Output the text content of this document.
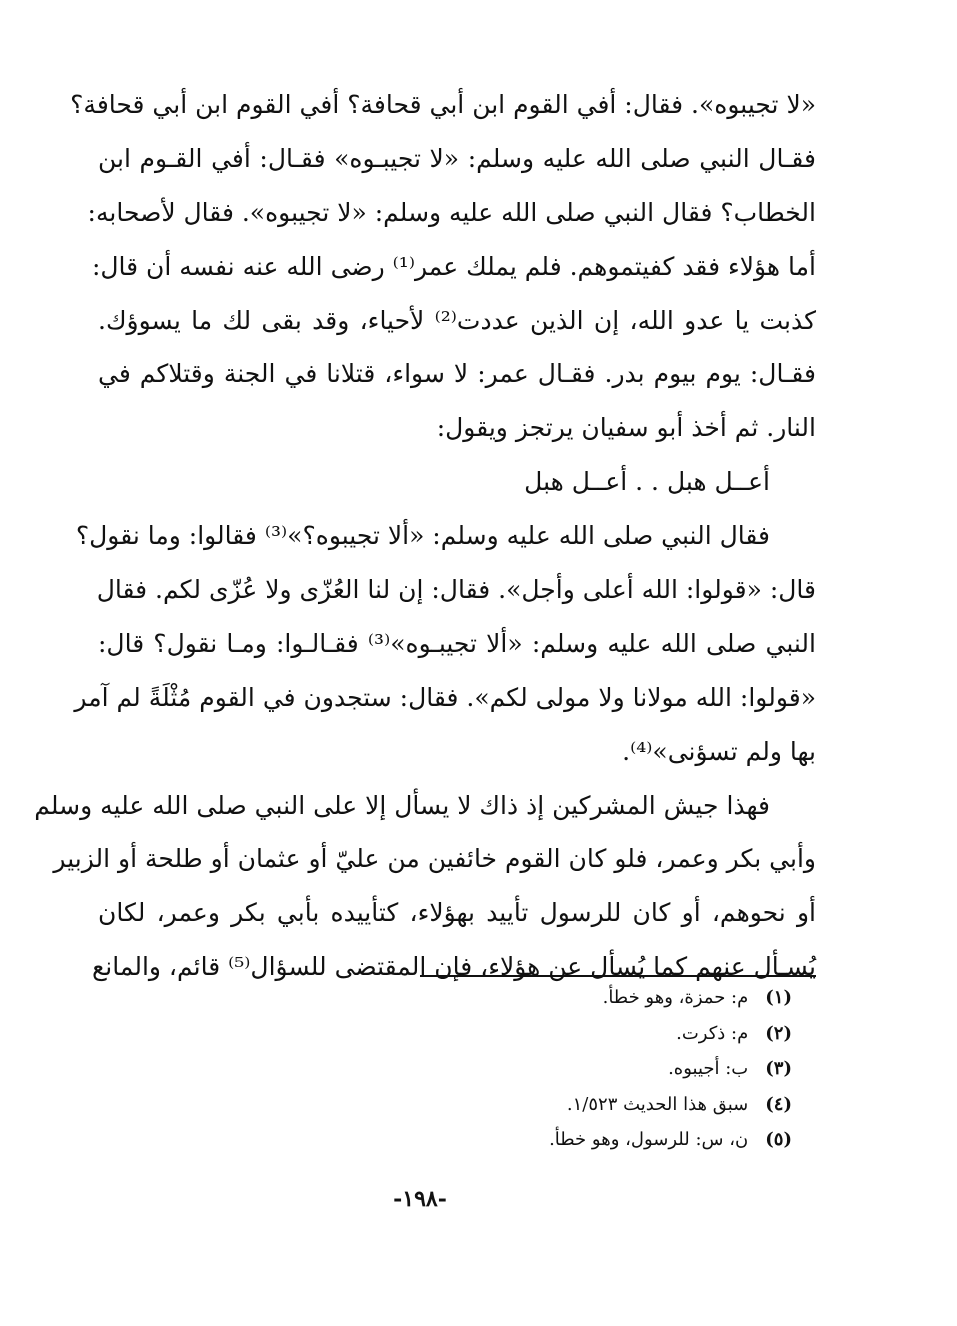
«لا تجيبوه». فقال: أفي القوم ابن أبي قحافة؟ أفي القوم ابن أبي قحافة؟
فقـال النبي صلى الله عليه وسلم: «لا تجيبـوه» فقـال: أفي القـوم ابن
الخطاب؟ فقال النبي صلى الله عليه وسلم: «لا تجيبوه». فقال لأصحابه:
أما هؤلاء فقد كفيتموهم. فلم يملك عمر⁽¹⁾ رضى الله عنه نفسه أن قال:
كذبت يا عدو الله، إن الذين عددت⁽²⁾ لأحياء، وقد بقى لك ما يسوؤك.
فقـال: يوم بيوم بدر. فقـال عمر: لا سواء، قتلانا في الجنة وقتلاكم في
النار. ثم أخذ أبو سفيان يرتجز ويقول:
أعــل هبل . . أعــل هبل
فقال النبي صلى الله عليه وسلم: «ألا تجيبوه؟»⁽³⁾ فقالوا: وما نقول؟
قال: «قولوا: الله أعلى وأجل». فقال: إن لنا العُزّى ولا عُزّى لكم. فقال
النبي صلى الله عليه وسلم: «ألا تجيبـوه»⁽³⁾ فقـالـوا: ومـا نقول؟ قال:
«قولوا: الله مولانا ولا مولى لكم». فقال: ستجدون في القوم مُثْلَةً لم آمر
بها ولم تسؤنى»⁽⁴⁾.
فهذا جيش المشركين إذ ذاك لا يسأل إلا على النبي صلى الله عليه وسلم
وأبي بكر وعمر، فلو كان القوم خائفين من عليّ أو عثمان أو طلحة أو الزبير
أو نحوهم، أو كان للرسول تأييد بهؤلاء، كتأييده بأبي بكر وعمر، لكان
يُسـأل عنهم كما يُسأل عن هؤلاء، فإن المقتضى للسؤال⁽⁵⁾ قائم، والمانع
(١) م: حمزة، وهو خطأ.
(٢) م: ذكرت.
(٣) ب: أجيبوه.
(٤) سبق هذا الحديث ١/٥٢٣.
(٥) ن، س: للرسول، وهو خطأ.
-١٩٨-
